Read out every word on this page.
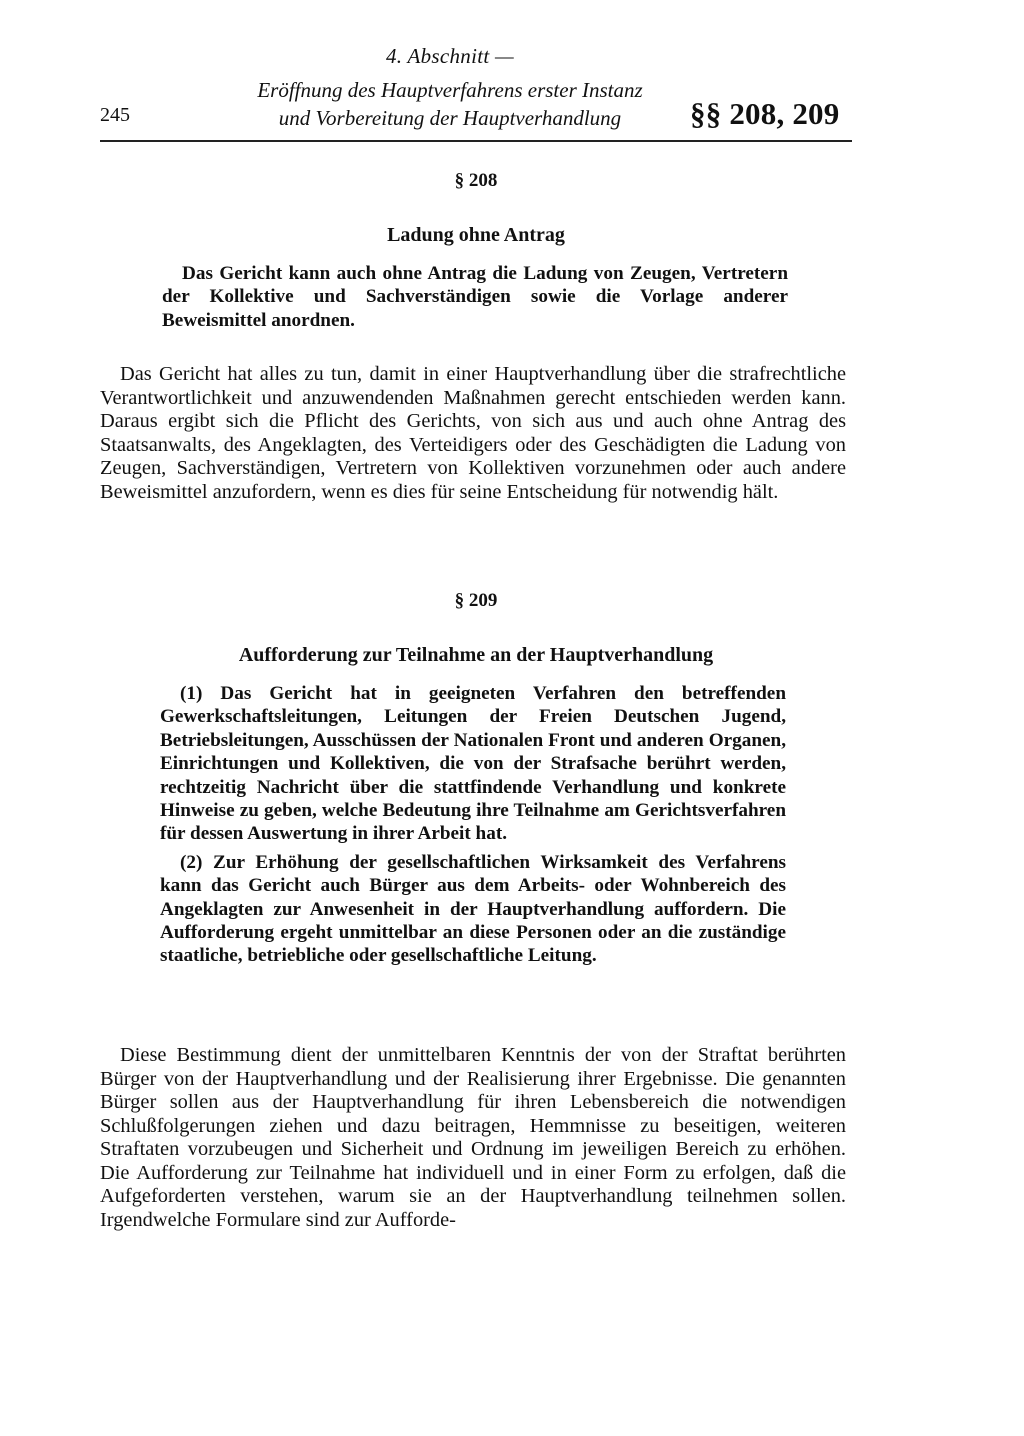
4. Abschnitt —
Eröffnung des Hauptverfahrens erster Instanz
und Vorbereitung der Hauptverhandlung
245	§§ 208, 209
§ 208
Ladung ohne Antrag

Das Gericht kann auch ohne Antrag die Ladung von Zeugen, Vertretern der Kollektive und Sachverständigen sowie die Vorlage anderer Beweismittel anordnen.

Das Gericht hat alles zu tun, damit in einer Hauptverhandlung über die strafrechtliche Verantwortlichkeit und anzuwendenden Maßnahmen gerecht entschieden werden kann. Daraus ergibt sich die Pflicht des Gerichts, von sich aus und auch ohne Antrag des Staatsanwalts, des Angeklagten, des Verteidigers oder des Geschädigten die Ladung von Zeugen, Sachverständigen, Vertretern von Kollektiven vorzunehmen oder auch andere Beweismittel anzufordern, wenn es dies für seine Entscheidung für notwendig hält.

§ 209
Aufforderung zur Teilnahme an der Hauptverhandlung

(1) Das Gericht hat in geeigneten Verfahren den betreffenden Gewerkschaftsleitungen, Leitungen der Freien Deutschen Jugend, Betriebsleitungen, Ausschüssen der Nationalen Front und anderen Organen, Einrichtungen und Kollektiven, die von der Strafsache berührt werden, rechtzeitig Nachricht über die stattfindende Verhandlung und konkrete Hinweise zu geben, welche Bedeutung ihre Teilnahme am Gerichtsverfahren für dessen Auswertung in ihrer Arbeit hat.

(2) Zur Erhöhung der gesellschaftlichen Wirksamkeit des Verfahrens kann das Gericht auch Bürger aus dem Arbeits- oder Wohnbereich des Angeklagten zur Anwesenheit in der Hauptverhandlung auffordern. Die Aufforderung ergeht unmittelbar an diese Personen oder an die zuständige staatliche, betriebliche oder gesellschaftliche Leitung.

Diese Bestimmung dient der unmittelbaren Kenntnis der von der Straftat berührten Bürger von der Hauptverhandlung und der Realisierung ihrer Ergebnisse. Die genannten Bürger sollen aus der Hauptverhandlung für ihren Lebensbereich die notwendigen Schlußfolgerungen ziehen und dazu beitragen, Hemmnisse zu beseitigen, weiteren Straftaten vorzubeugen und Sicherheit und Ordnung im jeweiligen Bereich zu erhöhen. Die Aufforderung zur Teilnahme hat individuell und in einer Form zu erfolgen, daß die Aufgeforderten verstehen, warum sie an der Hauptverhandlung teilnehmen sollen. Irgendwelche Formulare sind zur Aufforde-
